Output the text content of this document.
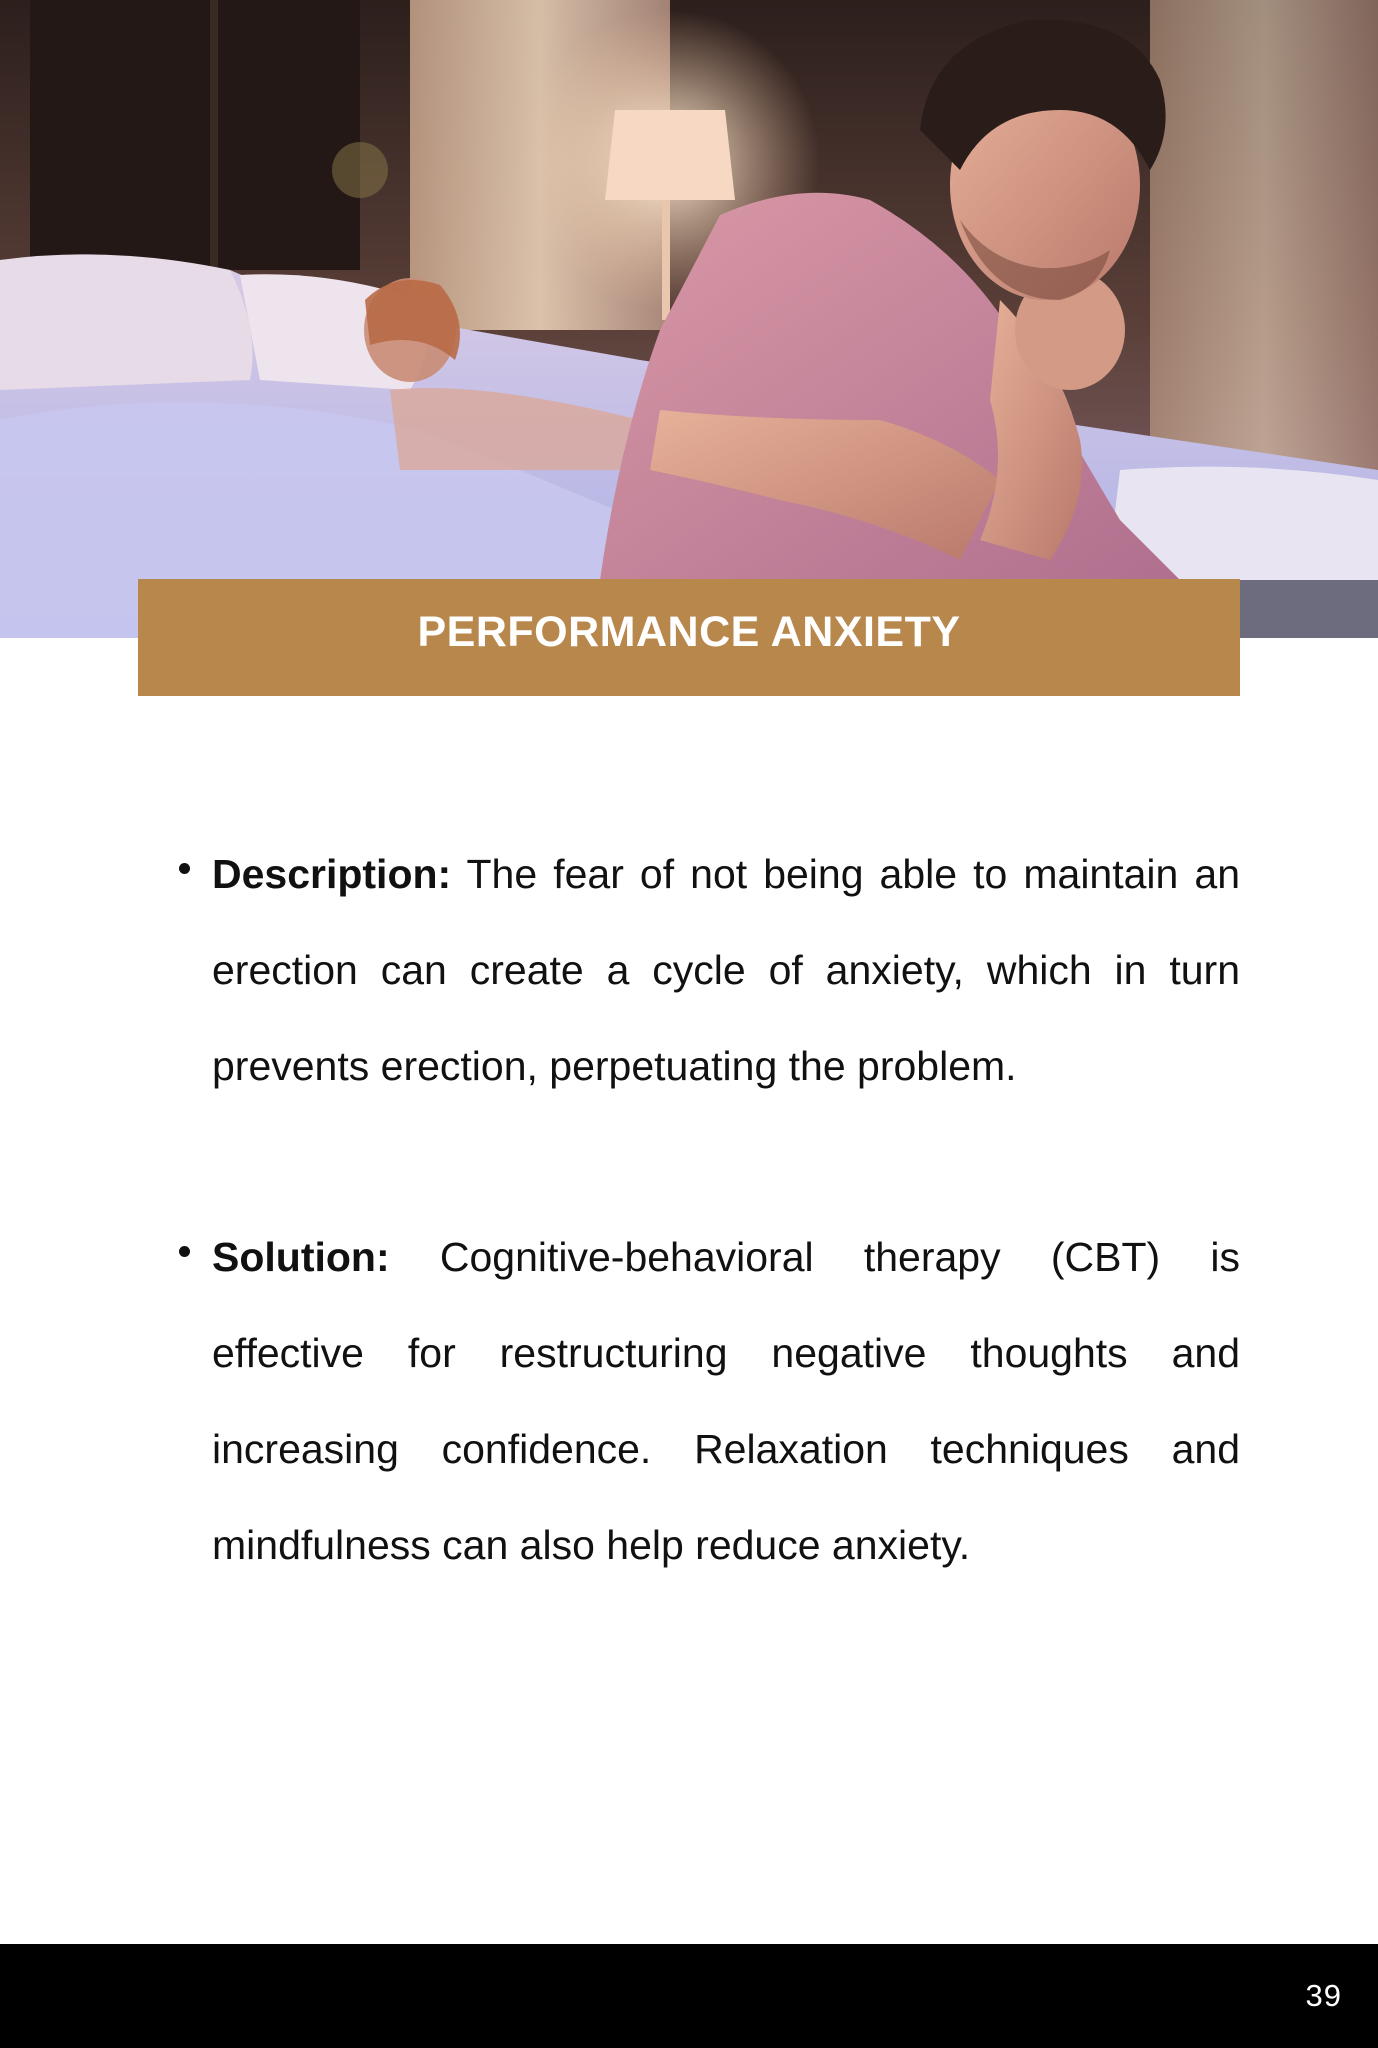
PERFORMANCE ANXIETY

Description: The fear of not being able to maintain an erection can create a cycle of anxiety, which in turn prevents erection, perpetuating the problem.

Solution: Cognitive-behavioral therapy (CBT) is effective for restructuring negative thoughts and increasing confidence. Relaxation techniques and mindfulness can also help reduce anxiety.

39
